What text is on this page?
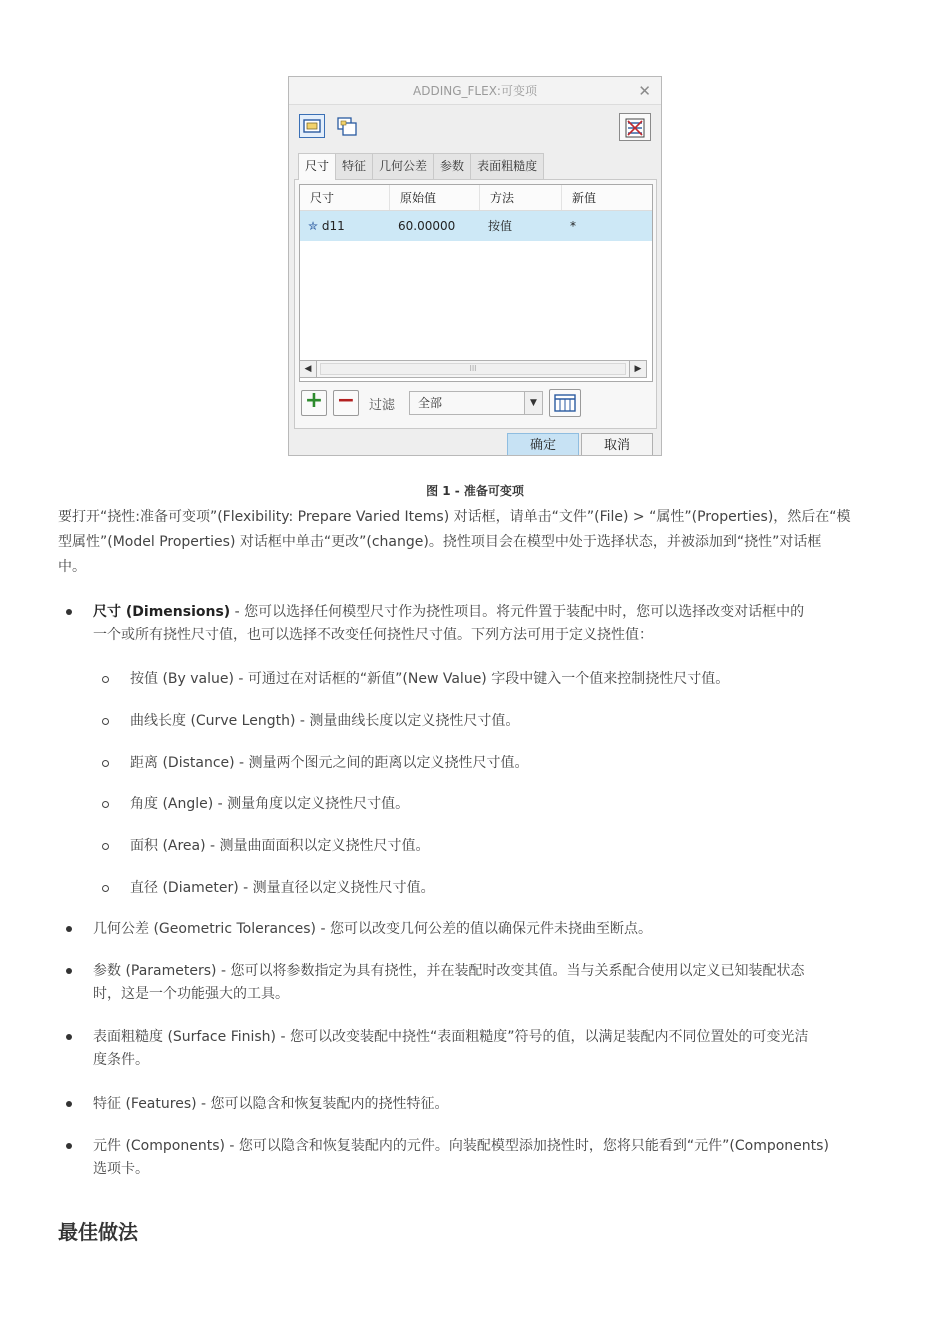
ADDING_FLEX:可变项	✕
尺寸	特征	几何公差	参数	表面粗糙度
尺寸	原始值	方法	新值
✮ d11	60.00000	按值	*
◀	III	▶
+ − 过滤	全部	▼
确定	取消
图 1 - 准备可变项
要打开“挠性:准备可变项”(Flexibility: Prepare Varied Items) 对话框，请单击“文件”(File) > “属性”(Properties)，然后在“模
型属性”(Model Properties) 对话框中单击“更改”(change)。挠性项目会在模型中处于选择状态，并被添加到“挠性”对话框
中。
尺寸 (Dimensions) - 您可以选择任何模型尺寸作为挠性项目。将元件置于装配中时，您可以选择改变对话框中的
一个或所有挠性尺寸值，也可以选择不改变任何挠性尺寸值。下列方法可用于定义挠性值：
按值 (By value) - 可通过在对话框的“新值”(New Value) 字段中键入一个值来控制挠性尺寸值。
曲线长度 (Curve Length) - 测量曲线长度以定义挠性尺寸值。
距离 (Distance) - 测量两个图元之间的距离以定义挠性尺寸值。
角度 (Angle) - 测量角度以定义挠性尺寸值。
面积 (Area) - 测量曲面面积以定义挠性尺寸值。
直径 (Diameter) - 测量直径以定义挠性尺寸值。
几何公差 (Geometric Tolerances) - 您可以改变几何公差的值以确保元件未挠曲至断点。
参数 (Parameters) - 您可以将参数指定为具有挠性，并在装配时改变其值。当与关系配合使用以定义已知装配状态
时，这是一个功能强大的工具。
表面粗糙度 (Surface Finish) - 您可以改变装配中挠性“表面粗糙度”符号的值，以满足装配内不同位置处的可变光洁
度条件。
特征 (Features) - 您可以隐含和恢复装配内的挠性特征。
元件 (Components) - 您可以隐含和恢复装配内的元件。向装配模型添加挠性时，您将只能看到“元件”(Components)
选项卡。
最佳做法
